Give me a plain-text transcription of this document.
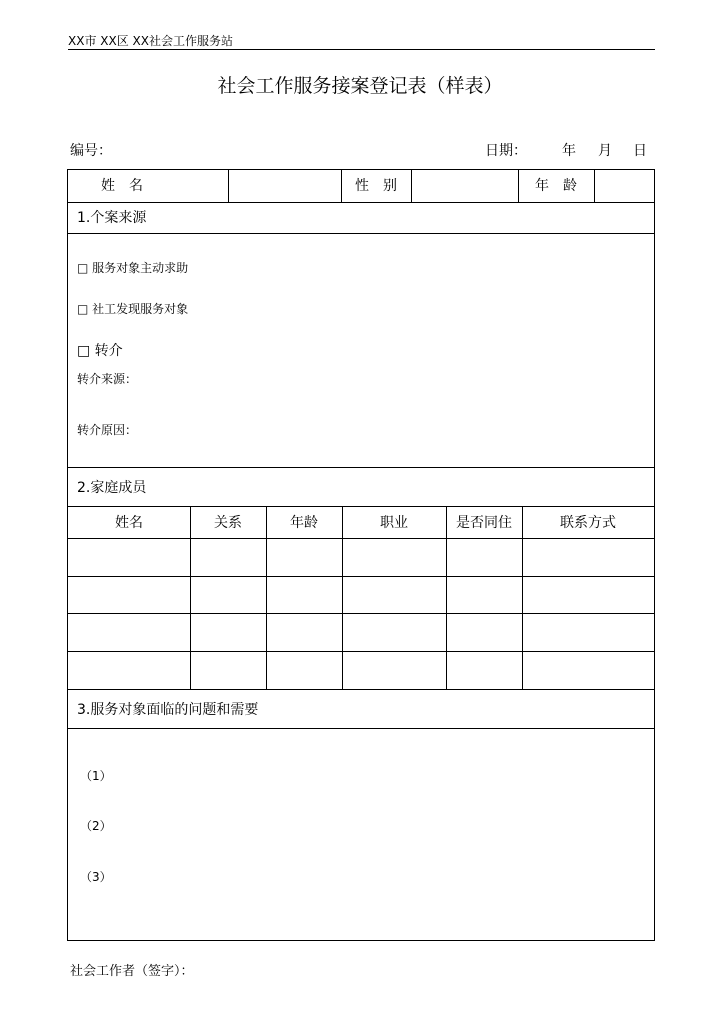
XX市 XX区 XX社会工作服务站
社会工作服务接案登记表（样表）
编号：	日期：	年 月 日
姓　名	性　别	年　龄
1.个案来源
□ 服务对象主动求助
□ 社工发现服务对象
□ 转介
转介来源：
转介原因：
2.家庭成员
姓名	关系	年龄	职业	是否同住	联系方式
3.服务对象面临的问题和需要
（1）
（2）
（3）
社会工作者（签字）：
